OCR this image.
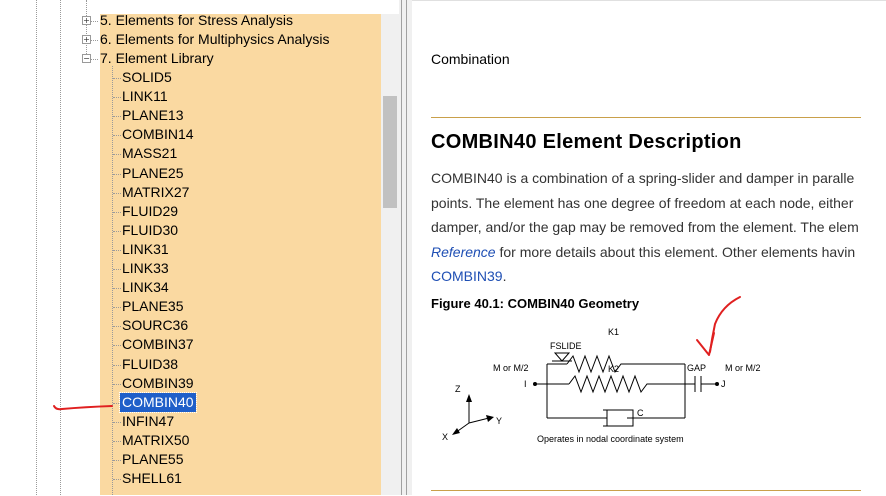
+ 5. Elements for Stress Analysis
+ 6. Elements for Multiphysics Analysis
− 7. Element Library
SOLID5
LINK11
PLANE13
COMBIN14
MASS21
PLANE25
MATRIX27
FLUID29
FLUID30
LINK31
LINK33
LINK34
PLANE35
SOURC36
COMBIN37
FLUID38
COMBIN39
COMBIN40
INFIN47
MATRIX50
PLANE55
SHELL61
Combination
COMBIN40 Element Description
COMBIN40 is a combination of a spring-slider and damper in paralle
points. The element has one degree of freedom at each node, either
damper, and/or the gap may be removed from the element. The elem
Reference for more details about this element. Other elements havin
COMBIN39.
Figure 40.1: COMBIN40 Geometry
K1
FSLIDE
K2
C
GAP
M or M/2	M or M/2
I	J
Z
Y
X	Operates in nodal coordinate system
